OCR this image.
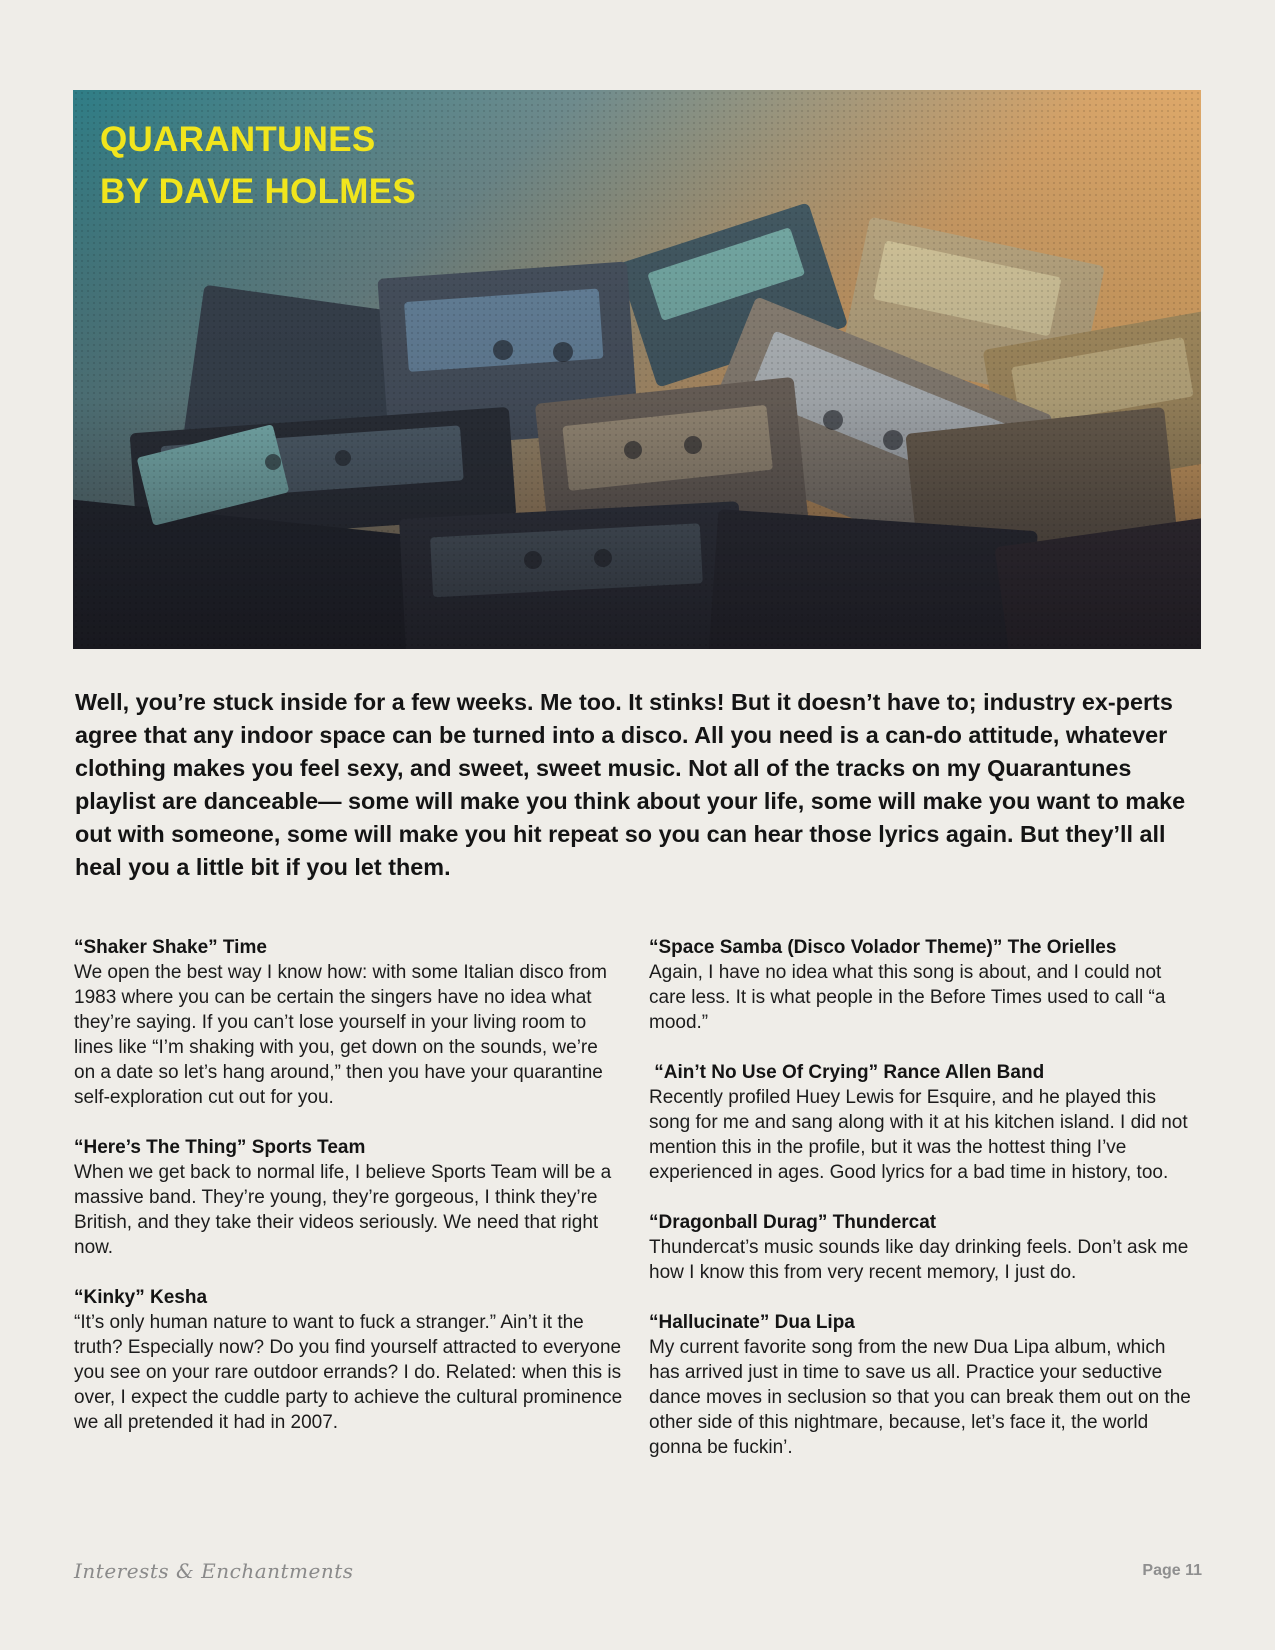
QUARANTUNES
BY DAVE HOLMES

Well, you’re stuck inside for a few weeks. Me too. It stinks! But it doesn’t have to; industry ex-perts agree that any indoor space can be turned into a disco. All you need is a can-do attitude, whatever clothing makes you feel sexy, and sweet, sweet music. Not all of the tracks on my Quarantunes playlist are danceable— some will make you think about your life, some will make you want to make out with someone, some will make you hit repeat so you can hear those lyrics again. But they’ll all heal you a little bit if you let them.

“Shaker Shake” Time

We open the best way I know how: with some Italian disco from 1983 where you can be certain the singers have no idea what they’re saying. If you can’t lose yourself in your living room to lines like “I’m shaking with you, get down on the sounds, we’re on a date so let’s hang around,” then you have your quarantine self-exploration cut out for you.

“Here’s The Thing” Sports Team

When we get back to normal life, I believe Sports Team will be a massive band. They’re young, they’re gorgeous, I think they’re British, and they take their videos seriously. We need that right now.

“Kinky” Kesha

“It’s only human nature to want to fuck a stranger.” Ain’t it the truth? Especially now? Do you find yourself attracted to everyone you see on your rare outdoor errands? I do. Related: when this is over, I expect the cuddle party to achieve the cultural prominence we all pretended it had in 2007.

“Space Samba (Disco Volador Theme)” The Orielles

Again, I have no idea what this song is about, and I could not care less. It is what people in the Before Times used to call “a mood.”

“Ain’t No Use Of Crying” Rance Allen Band

Recently profiled Huey Lewis for Esquire, and he played this song for me and sang along with it at his kitchen island. I did not mention this in the profile, but it was the hottest thing I’ve experienced in ages. Good lyrics for a bad time in history, too.

“Dragonball Durag” Thundercat

Thundercat’s music sounds like day drinking feels. Don’t ask me how I know this from very recent memory, I just do.

“Hallucinate” Dua Lipa

My current favorite song from the new Dua Lipa album, which has arrived just in time to save us all. Practice your seductive dance moves in seclusion so that you can break them out on the other side of this nightmare, because, let’s face it, the world gonna be fuckin’.

Interests & Enchantments	Page 11
